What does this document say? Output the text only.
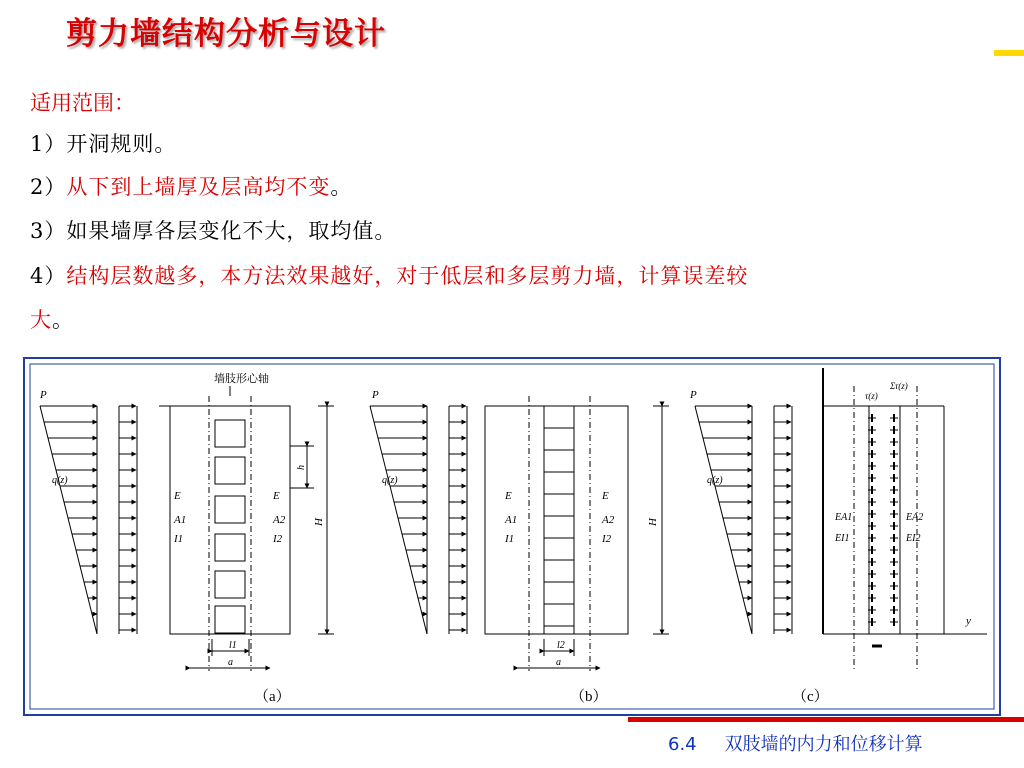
剪力墙结构分析与设计
适用范围：
1）开洞规则。
2）从下到上墙厚及层高均不变。
3）如果墙厚各层变化不大，取均值。
4）结构层数越多，本方法效果越好，对于低层和多层剪力墙，计算误差较
大。
P
q(z)
墙肢形心轴
E
A1
I1
E
A2
I2
H
h
l1
a
（a）
P
q(z)
E
A1
I1
E
A2
I2
H
l2
a
（b）
P
q(z)
τ(z)
Στ(z)
EA1
EI1
EA2
EI2
y
（c）
6.4 双肢墙的内力和位移计算
